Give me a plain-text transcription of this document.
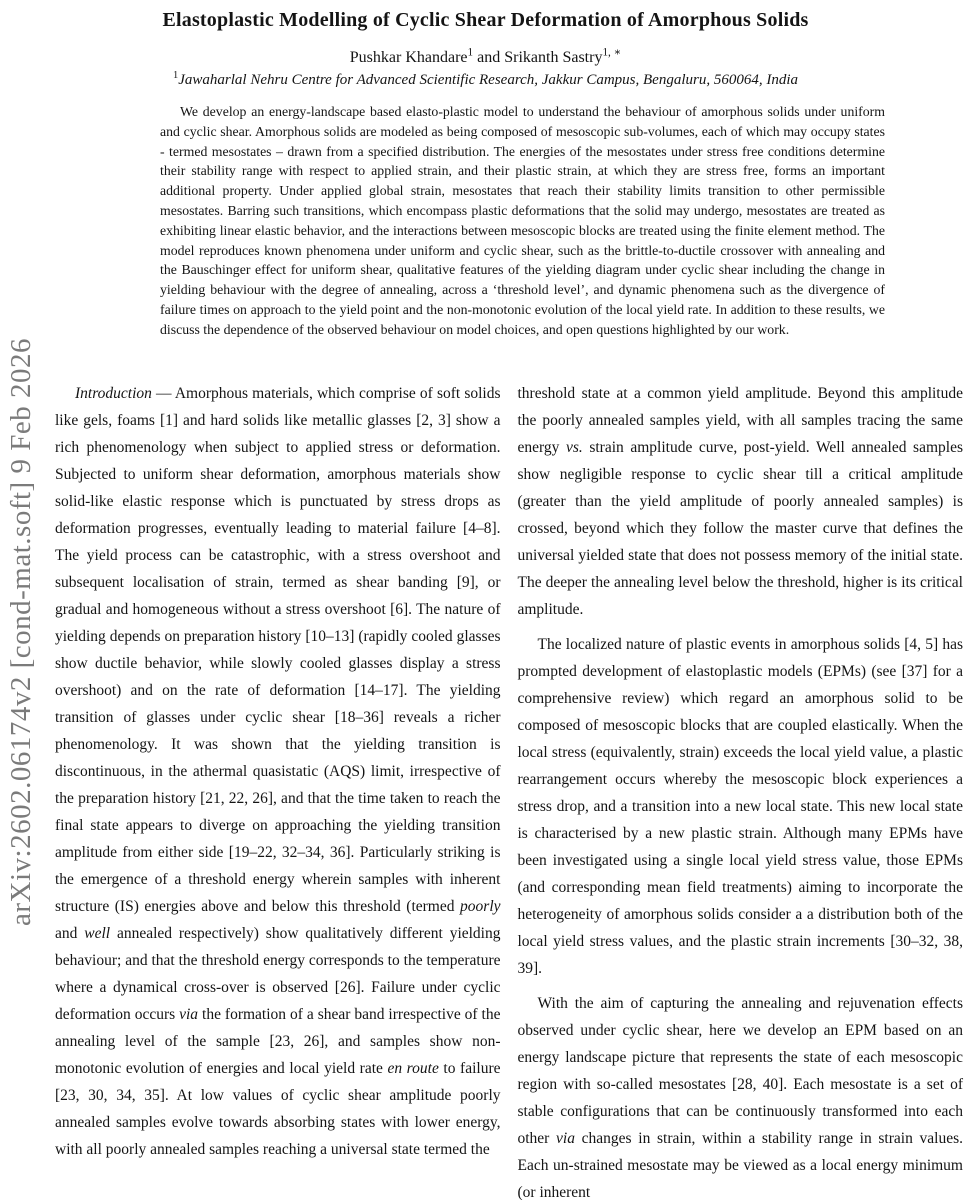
arXiv:2602.06174v2 [cond-mat.soft] 9 Feb 2026
Elastoplastic Modelling of Cyclic Shear Deformation of Amorphous Solids
Pushkar Khandare$^1$ and Srikanth Sastry$^{1, ∗}$
$^1$Jawaharlal Nehru Centre for Advanced Scientific Research, Jakkur Campus, Bengaluru, 560064, India
We develop an energy-landscape based elasto-plastic model to understand the behaviour of amorphous solids under uniform and cyclic shear. Amorphous solids are modeled as being composed of mesoscopic sub-volumes, each of which may occupy states - termed mesostates – drawn from a specified distribution. The energies of the mesostates under stress free conditions determine their stability range with respect to applied strain, and their plastic strain, at which they are stress free, forms an important additional property. Under applied global strain, mesostates that reach their stability limits transition to other permissible mesostates. Barring such transitions, which encompass plastic deformations that the solid may undergo, mesostates are treated as exhibiting linear elastic behavior, and the interactions between mesoscopic blocks are treated using the finite element method. The model reproduces known phenomena under uniform and cyclic shear, such as the brittle-to-ductile crossover with annealing and the Bauschinger effect for uniform shear, qualitative features of the yielding diagram under cyclic shear including the change in yielding behaviour with the degree of annealing, across a ‘threshold level’, and dynamic phenomena such as the divergence of failure times on approach to the yield point and the non-monotonic evolution of the local yield rate. In addition to these results, we discuss the dependence of the observed behaviour on model choices, and open questions highlighted by our work.

Introduction — Amorphous materials, which comprise of soft solids like gels, foams [1] and hard solids like metallic glasses [2, 3] show a rich phenomenology when subject to applied stress or deformation. Subjected to uniform shear deformation, amorphous materials show solid-like elastic response which is punctuated by stress drops as deformation progresses, eventually leading to material failure [4–8]. The yield process can be catastrophic, with a stress overshoot and subsequent localisation of strain, termed as shear banding [9], or gradual and homogeneous without a stress overshoot [6]. The nature of yielding depends on preparation history [10–13] (rapidly cooled glasses show ductile behavior, while slowly cooled glasses display a stress overshoot) and on the rate of deformation [14–17]. The yielding transition of glasses under cyclic shear [18–36] reveals a richer phenomenology. It was shown that the yielding transition is discontinuous, in the athermal quasistatic (AQS) limit, irrespective of the preparation history [21, 22, 26], and that the time taken to reach the final state appears to diverge on approaching the yielding transition amplitude from either side [19–22, 32–34, 36]. Particularly striking is the emergence of a threshold energy wherein samples with inherent structure (IS) energies above and below this threshold (termed poorly and well annealed respectively) show qualitatively different yielding behaviour; and that the threshold energy corresponds to the temperature where a dynamical cross-over is observed [26]. Failure under cyclic deformation occurs via the formation of a shear band irrespective of the annealing level of the sample [23, 26], and samples show non-monotonic evolution of energies and local yield rate en route to failure [23, 30, 34, 35]. At low values of cyclic shear amplitude poorly annealed samples evolve towards absorbing states with lower energy, with all poorly annealed samples reaching a universal state termed the

threshold state at a common yield amplitude. Beyond this amplitude the poorly annealed samples yield, with all samples tracing the same energy vs. strain amplitude curve, post-yield. Well annealed samples show negligible response to cyclic shear till a critical amplitude (greater than the yield amplitude of poorly annealed samples) is crossed, beyond which they follow the master curve that defines the universal yielded state that does not possess memory of the initial state. The deeper the annealing level below the threshold, higher is its critical amplitude.

The localized nature of plastic events in amorphous solids [4, 5] has prompted development of elastoplastic models (EPMs) (see [37] for a comprehensive review) which regard an amorphous solid to be composed of mesoscopic blocks that are coupled elastically. When the local stress (equivalently, strain) exceeds the local yield value, a plastic rearrangement occurs whereby the mesoscopic block experiences a stress drop, and a transition into a new local state. This new local state is characterised by a new plastic strain. Although many EPMs have been investigated using a single local yield stress value, those EPMs (and corresponding mean field treatments) aiming to incorporate the heterogeneity of amorphous solids consider a a distribution both of the local yield stress values, and the plastic strain increments [30–32, 38, 39].

With the aim of capturing the annealing and rejuvenation effects observed under cyclic shear, here we develop an EPM based on an energy landscape picture that represents the state of each mesoscopic region with so-called mesostates [28, 40]. Each mesostate is a set of stable configurations that can be continuously transformed into each other via changes in strain, within a stability range in strain values. Each un-strained mesostate may be viewed as a local energy minimum (or inherent
